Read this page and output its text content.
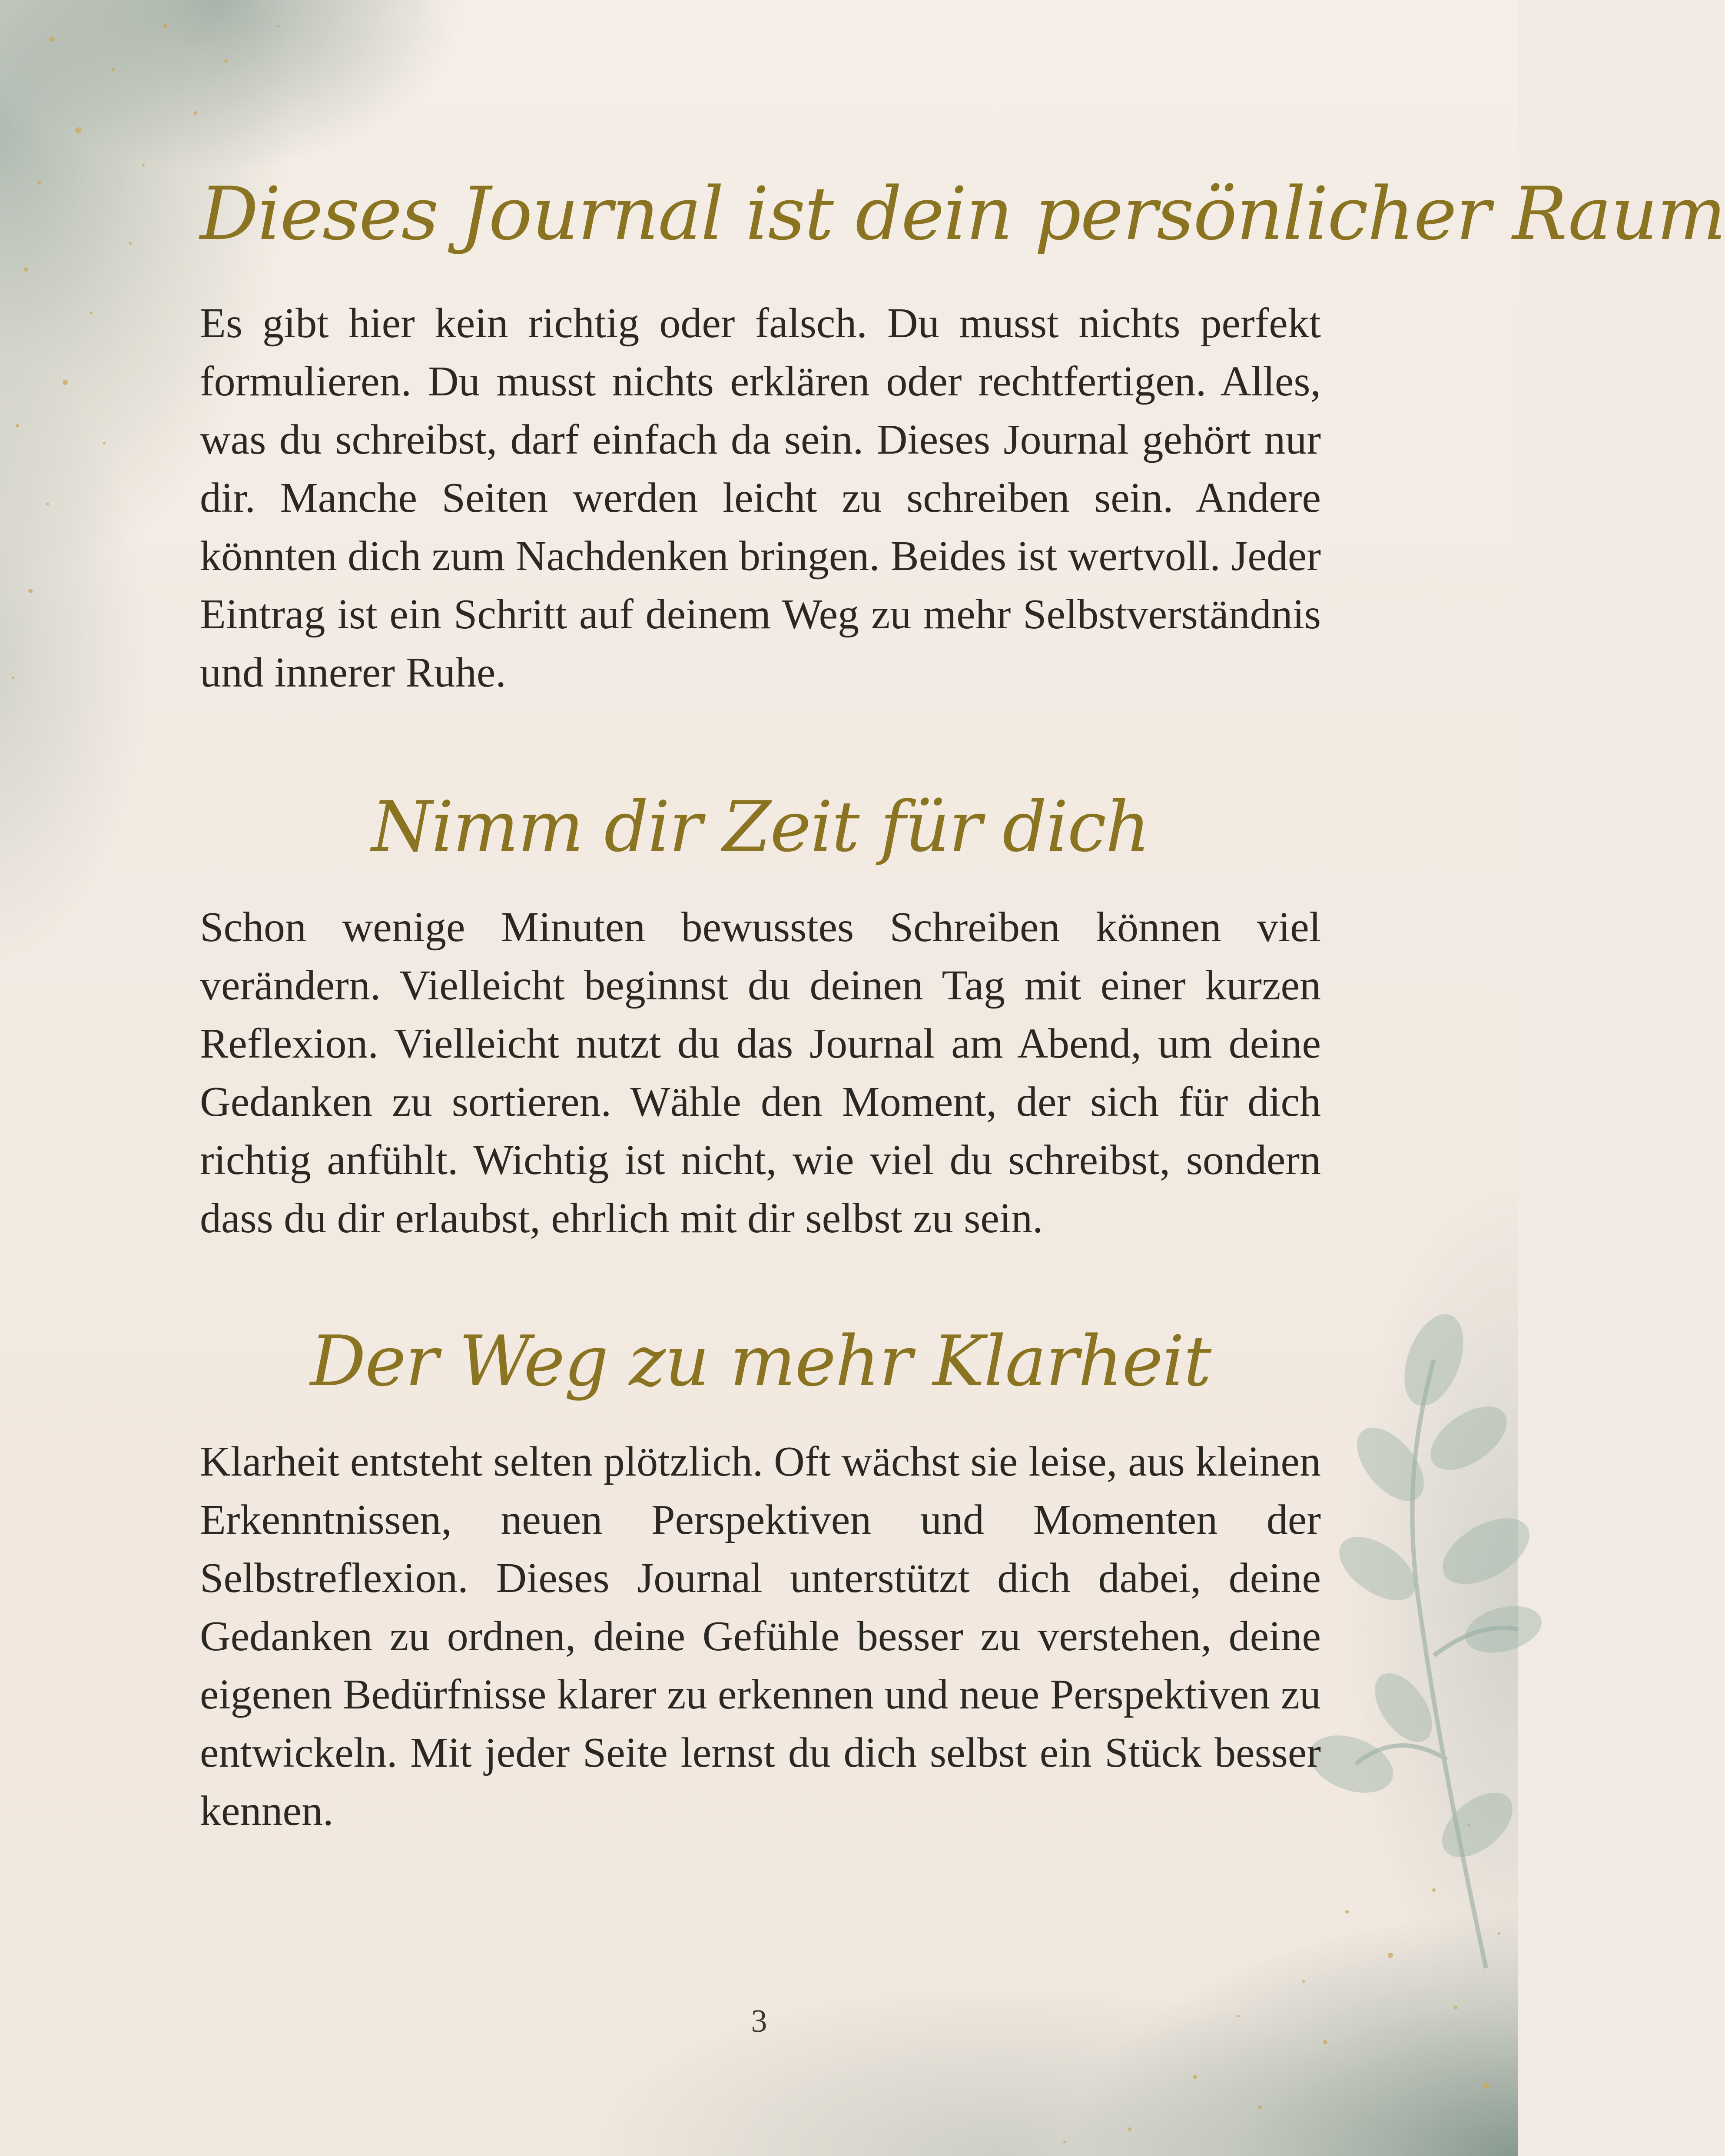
Dieses Journal ist dein persönlicher Raum

Es gibt hier kein richtig oder falsch. Du musst nichts perfekt formulieren. Du musst nichts erklären oder rechtfertigen. Alles, was du schreibst, darf einfach da sein. Dieses Journal gehört nur dir. Manche Seiten werden leicht zu schreiben sein. Andere könnten dich zum Nachdenken bringen. Beides ist wertvoll. Jeder Eintrag ist ein Schritt auf deinem Weg zu mehr Selbstverständnis und innerer Ruhe.

Nimm dir Zeit für dich

Schon wenige Minuten bewusstes Schreiben können viel verändern. Vielleicht beginnst du deinen Tag mit einer kurzen Reflexion. Vielleicht nutzt du das Journal am Abend, um deine Gedanken zu sortieren. Wähle den Moment, der sich für dich richtig anfühlt. Wichtig ist nicht, wie viel du schreibst, sondern dass du dir erlaubst, ehrlich mit dir selbst zu sein.

Der Weg zu mehr Klarheit

Klarheit entsteht selten plötzlich. Oft wächst sie leise, aus kleinen Erkenntnissen, neuen Perspektiven und Momenten der Selbstreflexion. Dieses Journal unterstützt dich dabei, deine Gedanken zu ordnen, deine Gefühle besser zu verstehen, deine eigenen Bedürfnisse klarer zu erkennen und neue Perspektiven zu entwickeln. Mit jeder Seite lernst du dich selbst ein Stück besser kennen.

3
